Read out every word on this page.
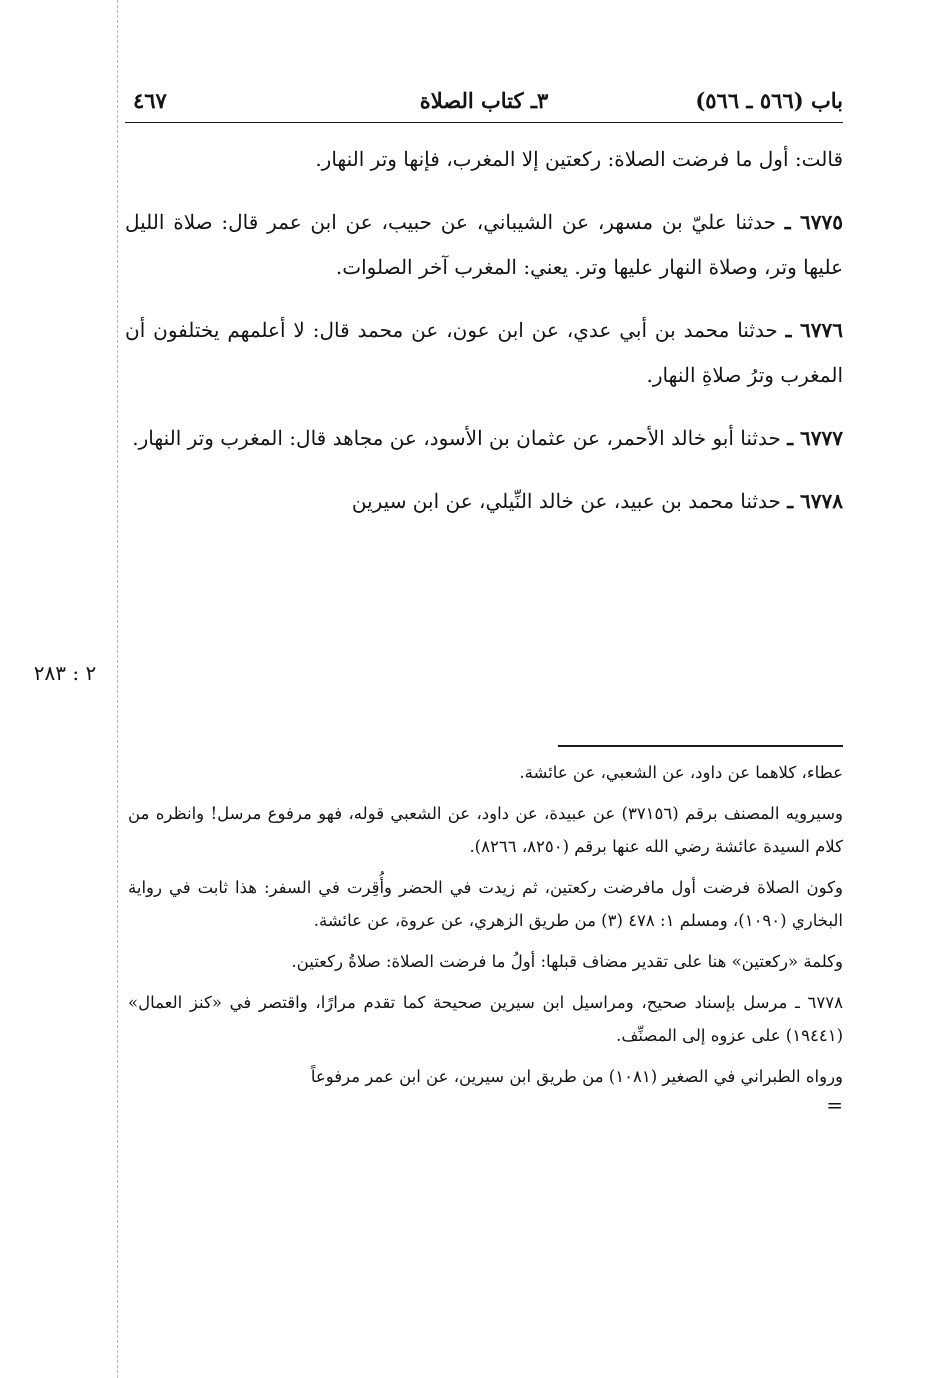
باب (٥٦٦ ـ ٥٦٦)
٣ـ كتاب الصلاة
٤٦٧

قالت: أول ما فرضت الصلاة: ركعتين إلا المغرب، فإنها وتر النهار.

٦٧٧٥ ـ حدثنا عليّ بن مسهر، عن الشيباني، عن حبيب، عن ابن عمر قال: صلاة الليل عليها وتر، وصلاة النهار عليها وتر. يعني: المغرب آخر الصلوات.

٦٧٧٦ ـ حدثنا محمد بن أبي عدي، عن ابن عون، عن محمد قال: لا أعلمهم يختلفون أن المغرب وترُ صلاةِ النهار.

٦٧٧٧ ـ حدثنا أبو خالد الأحمر، عن عثمان بن الأسود، عن مجاهد قال: المغرب وتر النهار.

٦٧٧٨ ـ حدثنا محمد بن عبيد، عن خالد النِّيلي، عن ابن سيرين

٢ : ٢٨٣

عطاء، كلاهما عن داود، عن الشعبي، عن عائشة.

وسيرويه المصنف برقم (٣٧١٥٦) عن عبيدة، عن داود، عن الشعبي قوله، فهو مرفوع مرسل! وانظره من كلام السيدة عائشة رضي الله عنها برقم (٨٢٥٠، ٨٢٦٦).

وكون الصلاة فرضت أول مافرضت ركعتين، ثم زيدت في الحضر وأُقِرت في السفر: هذا ثابت في رواية البخاري (١٠٩٠)، ومسلم ١: ٤٧٨ (٣) من طريق الزهري، عن عروة، عن عائشة.

وكلمة «ركعتين» هنا على تقدير مضاف قبلها: أولُ ما فرضت الصلاة: صلاةُ ركعتين.

٦٧٧٨ ـ مرسل بإسناد صحيح، ومراسيل ابن سيرين صحيحة كما تقدم مرارًا، واقتصر في «كنز العمال» (١٩٤٤١) على عزوه إلى المصنِّف.

ورواه الطبراني في الصغير (١٠٨١) من طريق ابن سيرين، عن ابن عمر مرفوعاً

=
